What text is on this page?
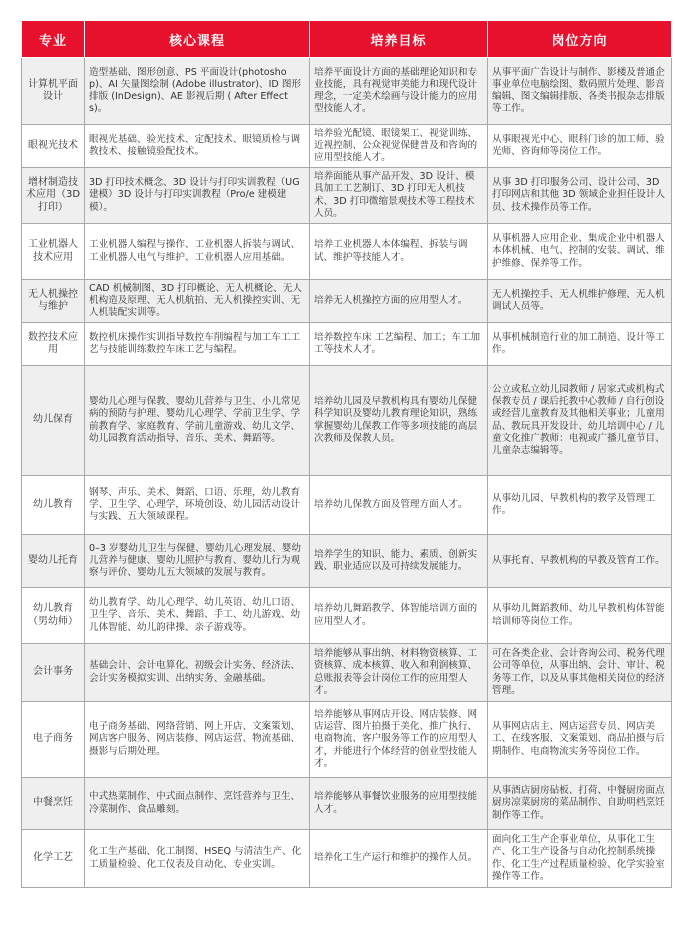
专业	核心课程	培养目标	岗位方向
计算机平面设计	造型基础、图形创意、PS 平面设计(photoshop)、AI 矢量图绘制 (Adobe illustrator)、ID 图形排版 (InDesign)、AE 影视后期 ( After Effects)。	培养平面设计方面的基础理论知识和专业技能，具有视觉审美能力和现代设计理念，一定美术绘画与设计能力的应用型技能人才。	从事平面广告设计与制作、影楼及普通企事业单位电脑绘图、数码照片处理、影音编辑、图文编辑排版、各类书报杂志排版等工作。
眼视光技术	眼视光基础、验光技术、定配技术、眼镜质检与调教技术、接触镜验配技术。	培养验光配镜、眼镜架工、视觉训练、近视控制、公众视觉保健普及和咨询的应用型技能人才。	从事眼视光中心、眼科门诊的加工师、验光师、咨询师等岗位工作。
增材制造技术应用（3D 打印）	3D 打印技术概念、3D 设计与打印实训教程（UG 建模）3D 设计与打印实训教程（Pro/e 建模建模）。	培养面能从事产品开发、3D 设计、模具加工工艺制订、3D 打印无人机技术、3D 打印微缩景观技术等工程技术人员。	从事 3D 打印服务公司、设计公司、3D 打印网店和其他 3D 领域企业担任设计人员、技术操作员等工作。
工业机器人技术应用	工业机器人编程与操作、工业机器人拆装与调试、工业机器人电气与维护、工业机器人应用基础。	培养工业机器人本体编程、拆装与调试、维护等技能人才。	从事机器人应用企业、集成企业中机器人本体机械、电气、控制的安装、调试、维护维修、保养等工作。
无人机操控与维护	CAD 机械制图、3D 打印概论、无人机概论、无人机构造及原理、无人机航拍、无人机操控实训、无人机装配实训等。	培养无人机操控方面的应用型人才。	无人机操控手、无人机维护修理、无人机调试人员等。
数控技术应用	数控机床操作实训指导数控车削编程与加工车工工艺与技能训练数控车床工艺与编程。	培养数控车床 工艺编程、加工；车工加工等技术人才。	从事机械制造行业的加工制造、设计等工作。
幼儿保育	婴幼儿心理与保教、婴幼儿营养与卫生、小儿常见病的预防与护理、婴幼儿心理学、学前卫生学、学前教育学、家庭教育、学前儿童游戏、幼儿文学、幼儿园教育活动指导、音乐、美术、舞蹈等。	培养幼儿园及早教机构具有婴幼儿保健科学知识及婴幼儿教育理论知识，熟练掌握婴幼儿保教工作等多项技能的高层次教师及保教人员。	公立或私立幼儿园教师 / 居家式或机构式保教专员 / 课后托教中心教师 / 自行创设或经营儿童教育及其他相关事业；儿童用品、教玩具开发设计、幼儿培训中心 / 儿童文化推广教师：电视或广播儿童节目、儿童杂志编辑等。
幼儿教育	钢琴、声乐、美术、舞蹈、口语、乐理，幼儿教育学、卫生学、心理学，环境创设、幼儿园活动设计与实践、五大领域课程。	培养幼儿保教方面及管理方面人才。	从事幼儿园、早教机构的教学及管理工作。
婴幼儿托育	0–3 岁婴幼儿卫生与保健、婴幼儿心理发展、婴幼儿营养与健康、婴幼儿照护与教育、婴幼儿行为观察与评价、婴幼儿五大领域的发展与教育。	培养学生的知识、能力、素质、创新实践、职业适应以及可持续发展能力。	从事托育、早教机构的早教及管育工作。
幼儿教育（男幼师）	幼儿教育学、幼儿心理学、幼儿英语、幼儿口语、卫生学、音乐、美术、舞蹈、手工、幼儿游戏、幼儿体智能、幼儿韵律操、亲子游戏等。	培养幼儿舞蹈教学、体智能培训方面的应用型人才。	从事幼儿舞蹈教师、幼儿早教机构体智能培训师等岗位工作。
会计事务	基础会计、会计电算化、初级会计实务、经济法、会计实务模拟实训、出纳实务、金融基础。	培养能够从事出纳、材料物资核算、工资核算、成本核算、收入和利润核算、总账报表等会计岗位工作的应用型人才。	可在各类企业、会计咨询公司、税务代理公司等单位，从事出纳、会计、审计、税务等工作，以及从事其他相关岗位的经济管理。
电子商务	电子商务基础、网络营销、网上开店、文案策划、网店客户服务、网店装修、网店运营、物流基础、摄影与后期处理。	培养能够从事网店开设、网店装修、网店运营、图片拍摄于美化、推广执行、电商物流、客户服务等工作的应用型人才，并能进行个体经营的创业型技能人才。	从事网店店主、网店运营专员、网店美工、在线客服、文案策划、商品拍摄与后期制作、电商物流实务等岗位工作。
中餐烹饪	中式热菜制作、中式面点制作、烹饪营养与卫生、冷菜制作、食品雕刻。	培养能够从事餐饮业服务的应用型技能人才。	从事酒店厨房砧板、打荷、中餐厨房面点厨房凉菜厨房的菜品制作、自助明档烹饪制作等工作。
化学工艺	化工生产基础、化工制图、HSEQ 与清洁生产、化工质量检验、化工仪表及自动化、专业实训。	培养化工生产运行和维护的操作人员。	面向化工生产企事业单位，从事化工生产、化工生产设备与自动化控制系统操作、化工生产过程质量检验、化学实验室操作等工作。
